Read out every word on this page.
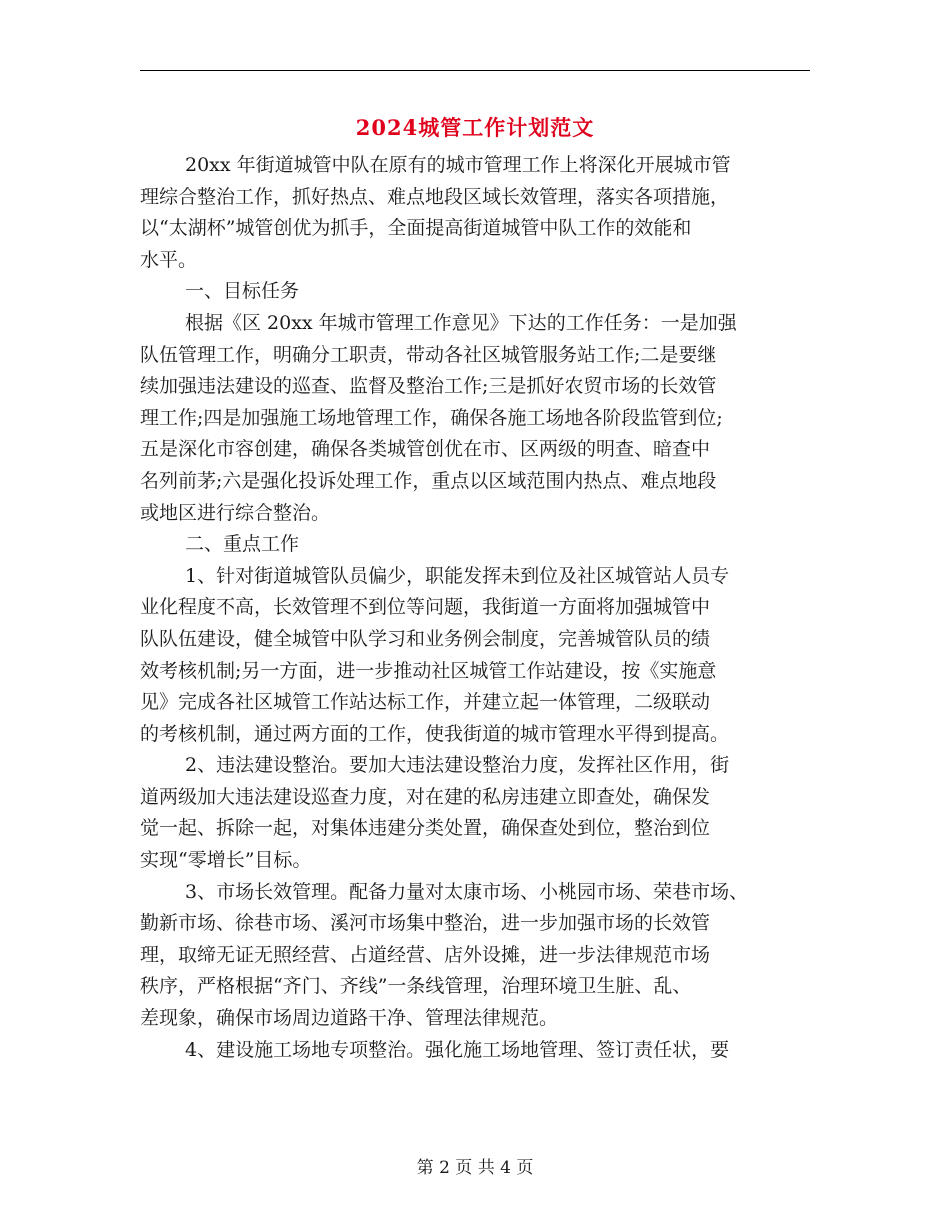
2024城管工作计划范文
20xx 年街道城管中队在原有的城市管理工作上将深化开展城市管
理综合整治工作，抓好热点、难点地段区域长效管理，落实各项措施，
以“太湖杯”城管创优为抓手，全面提高街道城管中队工作的效能和
水平。
一、目标任务
根据《区 20xx 年城市管理工作意见》下达的工作任务：一是加强
队伍管理工作，明确分工职责，带动各社区城管服务站工作;二是要继
续加强违法建设的巡查、监督及整治工作;三是抓好农贸市场的长效管
理工作;四是加强施工场地管理工作，确保各施工场地各阶段监管到位;
五是深化市容创建，确保各类城管创优在市、区两级的明查、暗查中
名列前茅;六是强化投诉处理工作，重点以区域范围内热点、难点地段
或地区进行综合整治。
二、重点工作
1、针对街道城管队员偏少，职能发挥未到位及社区城管站人员专
业化程度不高，长效管理不到位等问题，我街道一方面将加强城管中
队队伍建设，健全城管中队学习和业务例会制度，完善城管队员的绩
效考核机制;另一方面，进一步推动社区城管工作站建设，按《实施意
见》完成各社区城管工作站达标工作，并建立起一体管理，二级联动
的考核机制，通过两方面的工作，使我街道的城市管理水平得到提高。
2、违法建设整治。要加大违法建设整治力度，发挥社区作用，街
道两级加大违法建设巡查力度，对在建的私房违建立即查处，确保发
觉一起、拆除一起，对集体违建分类处置，确保查处到位，整治到位
实现“零增长”目标。
3、市场长效管理。配备力量对太康市场、小桃园市场、荣巷市场、
勤新市场、徐巷市场、溪河市场集中整治，进一步加强市场的长效管
理，取缔无证无照经营、占道经营、店外设摊，进一步法律规范市场
秩序，严格根据“齐门、齐线”一条线管理，治理环境卫生脏、乱、
差现象，确保市场周边道路干净、管理法律规范。
4、建设施工场地专项整治。强化施工场地管理、签订责任状，要
第 2 页 共 4 页
